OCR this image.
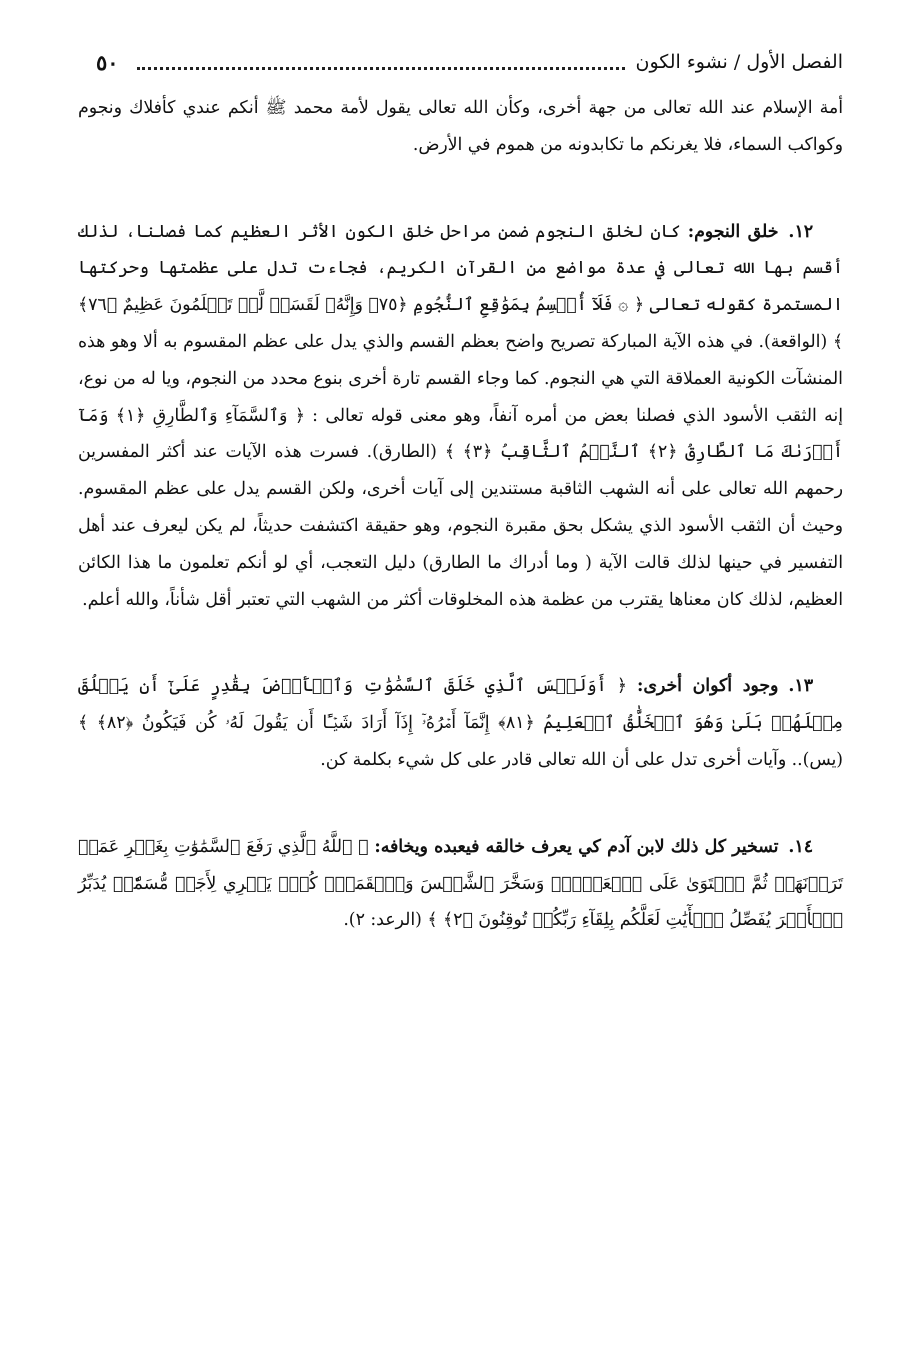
الفصل الأول / نشوء الكون
٥٠

أمة الإسلام عند الله تعالى من جهة أخرى، وكأن الله تعالى يقول لأمة محمد ﷺ أنكم عندي كأفلاك ونجوم وكواكب السماء، فلا يغرنكم ما تكابدونه من هموم في الأرض.

١٢.خلق النجوم: كان لخلق النجوم ضمن مراحل خلق الكون الأثر العظيم كما فصلنا، لذلك أقسم بها الله تعالى في عدة مواضع من القرآن الكريم، فجاءت تدل على عظمتها وحركتها المستمرة كقوله تعالى ﴿ ۞ فَلَآ أُقۡسِمُ بِمَوَٰقِعِ ٱلنُّجُومِ ﴿٧٥﴾ وَإِنَّهُۥ لَقَسَمٞ لَّوۡ تَعۡلَمُونَ عَظِيمٌ ﴿٧٦﴾ ﴾ (الواقعة). في هذه الآية المباركة تصريح واضح بعظم القسم والذي يدل على عظم المقسوم به ألا وهو هذه المنشآت الكونية العملاقة التي هي النجوم. كما وجاء القسم تارة أخرى بنوع محدد من النجوم، ويا له من نوع، إنه الثقب الأسود الذي فصلنا بعض من أمره آنفاً، وهو معنى قوله تعالى : ﴿ وَٱلسَّمَآءِ وَٱلطَّارِقِ ﴿١﴾ وَمَآ أَدۡرَىٰكَ مَا ٱلطَّارِقُ ﴿٢﴾ ٱلنَّجۡمُ ٱلثَّاقِبُ ﴿٣﴾ ﴾ (الطارق). فسرت هذه الآيات عند أكثر المفسرين رحمهم الله تعالى على أنه الشهب الثاقبة مستندين إلى آيات أخرى، ولكن القسم يدل على عظم المقسوم. وحيث أن الثقب الأسود الذي يشكل بحق مقبرة النجوم، وهو حقيقة اكتشفت حديثاً، لم يكن ليعرف عند أهل التفسير في حينها لذلك قالت الآية ( وما أدراك ما الطارق) دليل التعجب، أي لو أنكم تعلمون ما هذا الكائن العظيم، لذلك كان معناها يقترب من عظمة هذه المخلوقات أكثر من الشهب التي تعتبر أقل شأناً، والله أعلم.

١٣.وجود أكوان أخرى: ﴿ أَوَلَيۡسَ ٱلَّذِي خَلَقَ ٱلسَّمَٰوَٰتِ وَٱلۡأَرۡضَ بِقَٰدِرٍ عَلَىٰٓ أَن يَخۡلُقَ مِثۡلَهُمۚ بَلَىٰ وَهُوَ ٱلۡخَلَّٰقُ ٱلۡعَلِيمُ ﴿٨١﴾ إِنَّمَآ أَمۡرُهُۥٓ إِذَآ أَرَادَ شَيۡـًٔا أَن يَقُولَ لَهُۥ كُن فَيَكُونُ ﴿٨٢﴾ ﴾ (يس).. وآيات أخرى تدل على أن الله تعالى قادر على كل شيء بكلمة كن.

١٤.تسخير كل ذلك لابن آدم كي يعرف خالقه فيعبده ويخافه: ﴿ ٱللَّهُ ٱلَّذِي رَفَعَ ٱلسَّمَٰوَٰتِ بِغَيۡرِ عَمَدٖ تَرَوۡنَهَاۖ ثُمَّ ٱسۡتَوَىٰ عَلَى ٱلۡعَرۡشِۖ وَسَخَّرَ ٱلشَّمۡسَ وَٱلۡقَمَرَۖ كُلّٞ يَجۡرِي لِأَجَلٖ مُّسَمّٗىۚ يُدَبِّرُ ٱلۡأَمۡرَ يُفَصِّلُ ٱلۡأٓيَٰتِ لَعَلَّكُم بِلِقَآءِ رَبِّكُمۡ تُوقِنُونَ ﴿٢﴾ ﴾ (الرعد: ٢).
